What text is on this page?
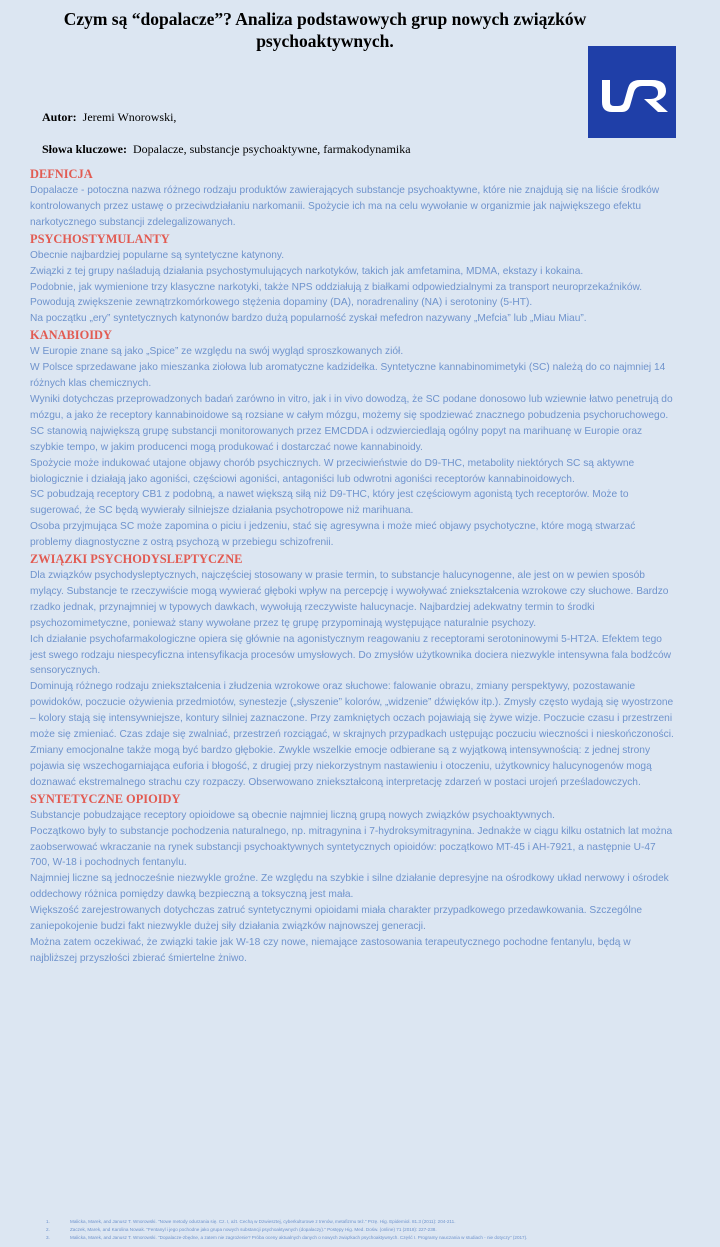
Czym są “dopalacze”? Analiza podstawowych grup nowych związków psychoaktywnych.
Autor: Jeremi Wnorowski,
Słowa kluczowe: Dopalacze, substancje psychoaktywne, farmakodynamika
DEFNICJA
Dopalacze - potoczna nazwa różnego rodzaju produktów zawierających substancje psychoaktywne, które nie znajdują się na liście środków kontrolowanych przez ustawę o przeciwdziałaniu narkomanii. Spożycie ich ma na celu wywołanie w organizmie jak największego efektu narkotycznego substancji zdelegalizowanych.
PSYCHOSTYMULANTY
Obecnie najbardziej popularne są syntetyczne katynony.
Związki z tej grupy naśladują działania psychostymulujących narkotyków, takich jak amfetamina, MDMA, ekstazy i kokaina.
Podobnie, jak wymienione trzy klasyczne narkotyki, także NPS oddziałują z białkami odpowiedzialnymi za transport neuroprzekaźników. Powodują zwiększenie zewnątrzkomórkowego stężenia dopaminy (DA), noradrenaliny (NA) i serotoniny (5-HT).
Na początku „ery” syntetycznych katynonów bardzo dużą popularność zyskał mefedron nazywany „Mefcia” lub „Miau Miau”.
KANABIOIDY
W Europie znane są jako „Spice” ze względu na swój wygląd sproszkowanych ziół.
W Polsce sprzedawane jako mieszanka ziołowa lub aromatyczne kadzidełka. Syntetyczne kannabinomimetyki (SC) należą do co najmniej 14 różnych klas chemicznych.
Wyniki dotychczas przeprowadzonych badań zarówno in vitro, jak i in vivo dowodzą, że SC podane donosowo lub wziewnie łatwo penetrują do mózgu, a jako że receptory kannabinoidowe są rozsiane w całym mózgu, możemy się spodziewać znacznego pobudzenia psychoruchowego.
SC stanowią największą grupę substancji monitorowanych przez EMCDDA i odzwierciedlają ogólny popyt na marihuanę w Europie oraz szybkie tempo, w jakim producenci mogą produkować i dostarczać nowe kannabinoidy.
Spożycie może indukować utajone objawy chorób psychicznych. W przeciwieństwie do D9-THC, metabolity niektórych SC są aktywne biologicznie i działają jako agoniści, częściowi agoniści, antagoniści lub odwrotni agoniści receptorów kannabinoidowych.
SC pobudzają receptory CB1 z podobną, a nawet większą siłą niż D9-THC, który jest częściowym agonistą tych receptorów. Może to sugerować, że SC będą wywierały silniejsze działania psychotropowe niż marihuana.
Osoba przyjmująca SC może zapomina o piciu i jedzeniu, stać się agresywna i może mieć objawy psychotyczne, które mogą stwarzać problemy diagnostyczne z ostrą psychozą w przebiegu schizofrenii.
ZWIĄZKI PSYCHODYSLEPTYCZNE
Dla związków psychodysleptycznych, najczęściej stosowany w prasie termin, to substancje halucynogenne, ale jest on w pewien sposób mylący. Substancje te rzeczywiście mogą wywierać głęboki wpływ na percepcję i wywoływać zniekształcenia wzrokowe czy słuchowe. Bardzo rzadko jednak, przynajmniej w typowych dawkach, wywołują rzeczywiste halucynacje. Najbardziej adekwatny termin to środki psychozomimetyczne, ponieważ stany wywołane przez tę grupę przypominają występujące naturalnie psychozy.
Ich działanie psychofarmakologiczne opiera się głównie na agonistycznym reagowaniu z receptorami serotoninowymi 5-HT2A. Efektem tego jest swego rodzaju niespecyficzna intensyfikacja procesów umysłowych. Do zmysłów użytkownika dociera niezwykle intensywna fala bodźców sensorycznych.
Dominują różnego rodzaju zniekształcenia i złudzenia wzrokowe oraz słuchowe: falowanie obrazu, zmiany perspektywy, pozostawanie powidoków, poczucie ożywienia przedmiotów, synestezje („słyszenie” kolorów, „widzenie” dźwięków itp.). Zmysły często wydają się wyostrzone – kolory stają się intensywniejsze, kontury silniej zaznaczone. Przy zamkniętych oczach pojawiają się żywe wizje. Poczucie czasu i przestrzeni może się zmieniać. Czas zdaje się zwalniać, przestrzeń rozciągać, w skrajnych przypadkach ustępując poczuciu wieczności i nieskończoności. Zmiany emocjonalne także mogą być bardzo głębokie. Zwykle wszelkie emocje odbierane są z wyjątkową intensywnością: z jednej strony pojawia się wszechogarniająca euforia i błogość, z drugiej przy niekorzystnym nastawieniu i otoczeniu, użytkownicy halucynogenów mogą doznawać ekstremalnego strachu czy rozpaczy. Obserwowano zniekształconą interpretację zdarzeń w postaci urojeń prześladowczych.
SYNTETYCZNE OPIOIDY
Substancje pobudzające receptory opioidowe są obecnie najmniej liczną grupą nowych związków psychoaktywnych.
Początkowo były to substancje pochodzenia naturalnego, np. mitragynina i 7-hydroksymitragynina. Jednakże w ciągu kilku ostatnich lat można zaobserwować wkraczanie na rynek substancji psychoaktywnych syntetycznych opioidów: początkowo MT-45 i AH-7921, a następnie U-47 700, W-18 i pochodnych fentanylu.
Najmniej liczne są jednocześnie niezwykle groźne. Ze względu na szybkie i silne działanie depresyjne na ośrodkowy układ nerwowy i ośrodek oddechowy różnica pomiędzy dawką bezpieczną a toksyczną jest mała.
Większość zarejestrowanych dotychczas zatruć syntetycznymi opioidami miała charakter przypadkowego przedawkowania. Szczególne zaniepokojenie budzi fakt niezwykle dużej siły działania związków najnowszej generacji.
Można zatem oczekiwać, że związki takie jak W-18 czy nowe, niemające zastosowania terapeutycznego pochodne fentanylu, będą w najbliższej przyszłości zbierać śmiertelne żniwo.
1.	Malicka, Marek, and Janusz T. Wnorowski. "Nowe metody odurzania się. Cz. I, ażt. Cechą w Dzwiesztej, cyberkulturowe z trenów, metafizmu też." Przę. Hig. Epidemiol. 81.3 (2011): 204-211.
2.	Zaczek, Marek, and Karolina Nowak. "Fentanyl i jego pochodne jako grupa nowych substancji psychoaktywnych (dopalaczy)." Postępy Hig. Med. Dośw. (online) 71 (2018): 227-238.
3.	Malicka, Marek, and Janusz T. Wnorowski. "Dopalacze-zbędne, a zatem nie zagrożenie? Próba oceny aktualnych danych o nowych związkach psychoaktywnych. Część I. Programy nauczania w studiach - nie dotyczy" (2017).
